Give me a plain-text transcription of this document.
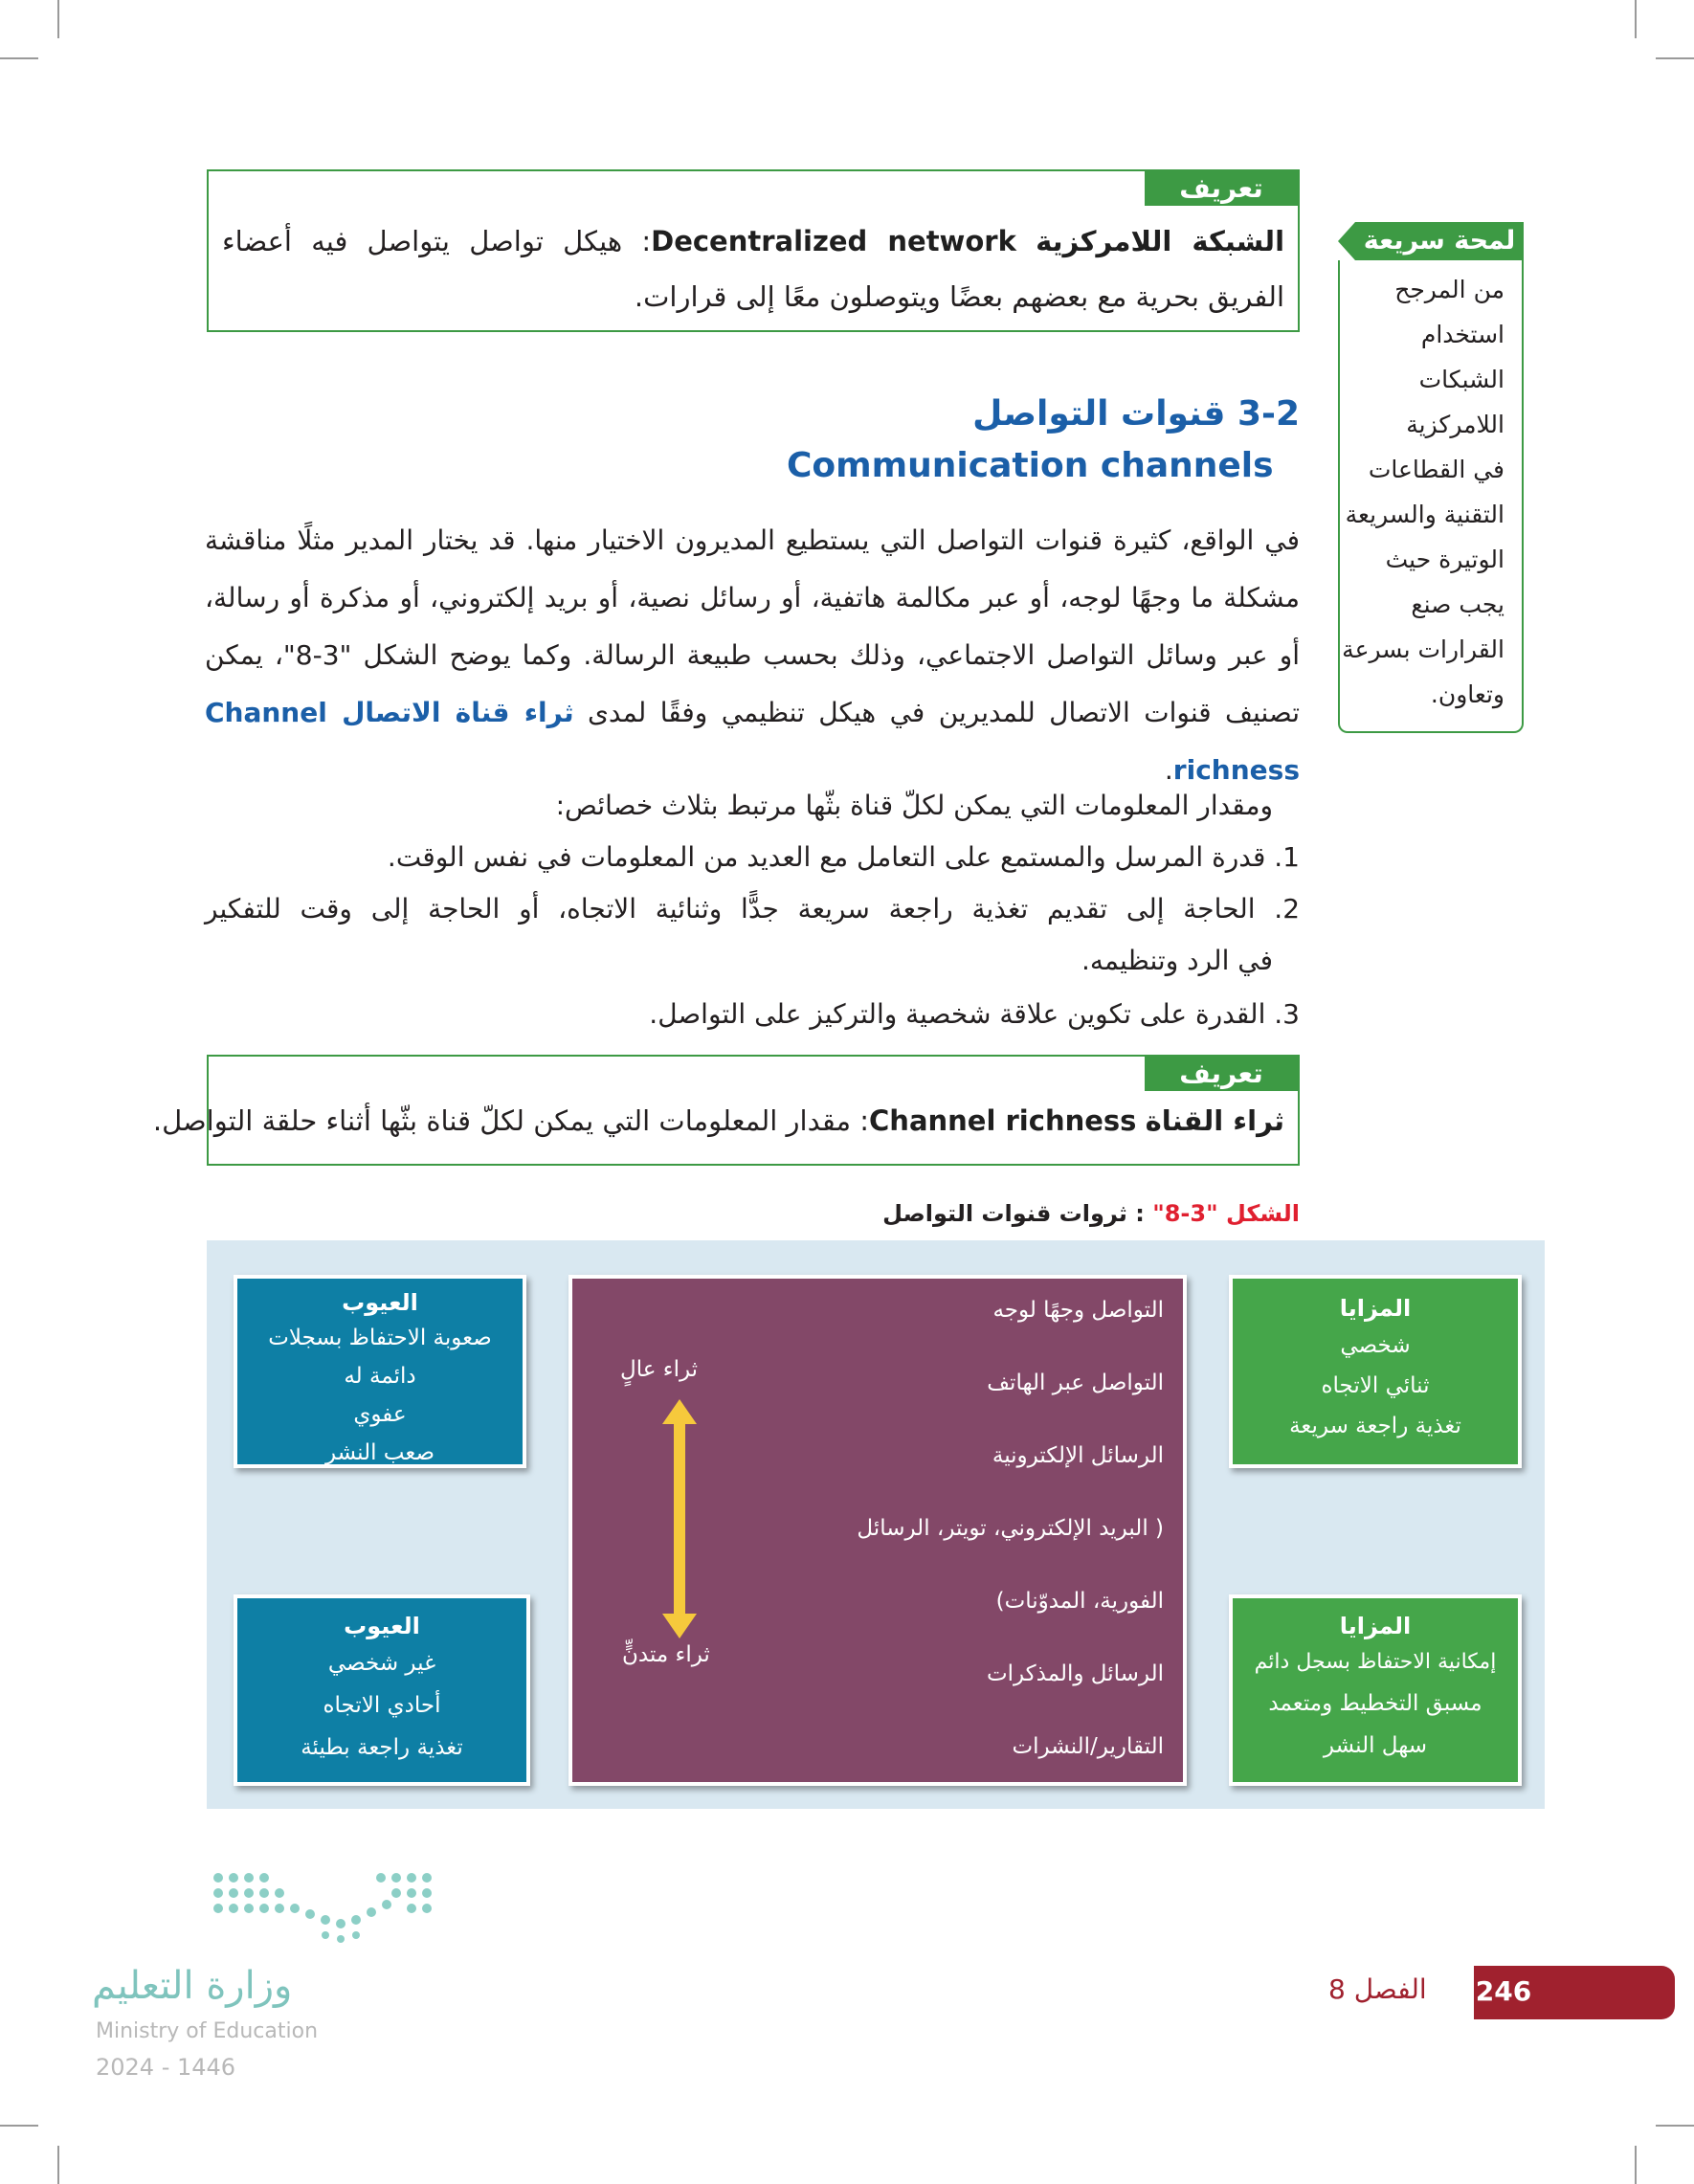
تعريف
الشبكة اللامركزية Decentralized network: هيكل تواصل يتواصل فيه أعضاء الفريق بحرية مع بعضهم بعضًا ويتوصلون معًا إلى قرارات.
لمحة سريعة
من المرجح
استخدام
الشبكات
اللامركزية
في القطاعات
التقنية والسريعة
الوتيرة حيث
يجب صنع
القرارات بسرعة
وتعاون.
3-2 قنوات التواصل
Communication channels
في الواقع، كثيرة قنوات التواصل التي يستطيع المديرون الاختيار منها. قد يختار المدير مثلًا مناقشة مشكلة ما وجهًا لوجه، أو عبر مكالمة هاتفية، أو رسائل نصية، أو بريد إلكتروني، أو مذكرة أو رسالة، أو عبر وسائل التواصل الاجتماعي، وذلك بحسب طبيعة الرسالة. وكما يوضح الشكل "3-8"، يمكن تصنيف قنوات الاتصال للمديرين في هيكل تنظيمي وفقًا لمدى ثراء قناة الاتصال Channel richness.
ومقدار المعلومات التي يمكن لكلّ قناة بثّها مرتبط بثلاث خصائص:
1. قدرة المرسل والمستمع على التعامل مع العديد من المعلومات في نفس الوقت.
2. الحاجة إلى تقديم تغذية راجعة سريعة جدًّا وثنائية الاتجاه، أو الحاجة إلى وقت للتفكير
في الرد وتنظيمه.
3. القدرة على تكوين علاقة شخصية والتركيز على التواصل.
تعريف
ثراء القناة Channel richness: مقدار المعلومات التي يمكن لكلّ قناة بثّها أثناء حلقة التواصل.
الشكل "3-8" : ثروات قنوات التواصل
العيوب
صعوبة الاحتفاظ بسجلات
دائمة له
عفوي
صعب النشر
العيوب
غير شخصي
أحادي الاتجاه
تغذية راجعة بطيئة
المزايا
شخصي
ثنائي الاتجاه
تغذية راجعة سريعة
المزايا
إمكانية الاحتفاظ بسجل دائم
مسبق التخطيط ومتعمد
سهل النشر
التواصل وجهًا لوجه
التواصل عبر الهاتف
الرسائل الإلكترونية
( البريد الإلكتروني، تويتر، الرسائل
الفورية، المدوّنات)
الرسائل والمذكرات
التقارير/النشرات
ثراء عالٍ
ثراء متدنٍّ
وزارة التعليم
Ministry of Education
2024 - 1446
246
الفصل 8
